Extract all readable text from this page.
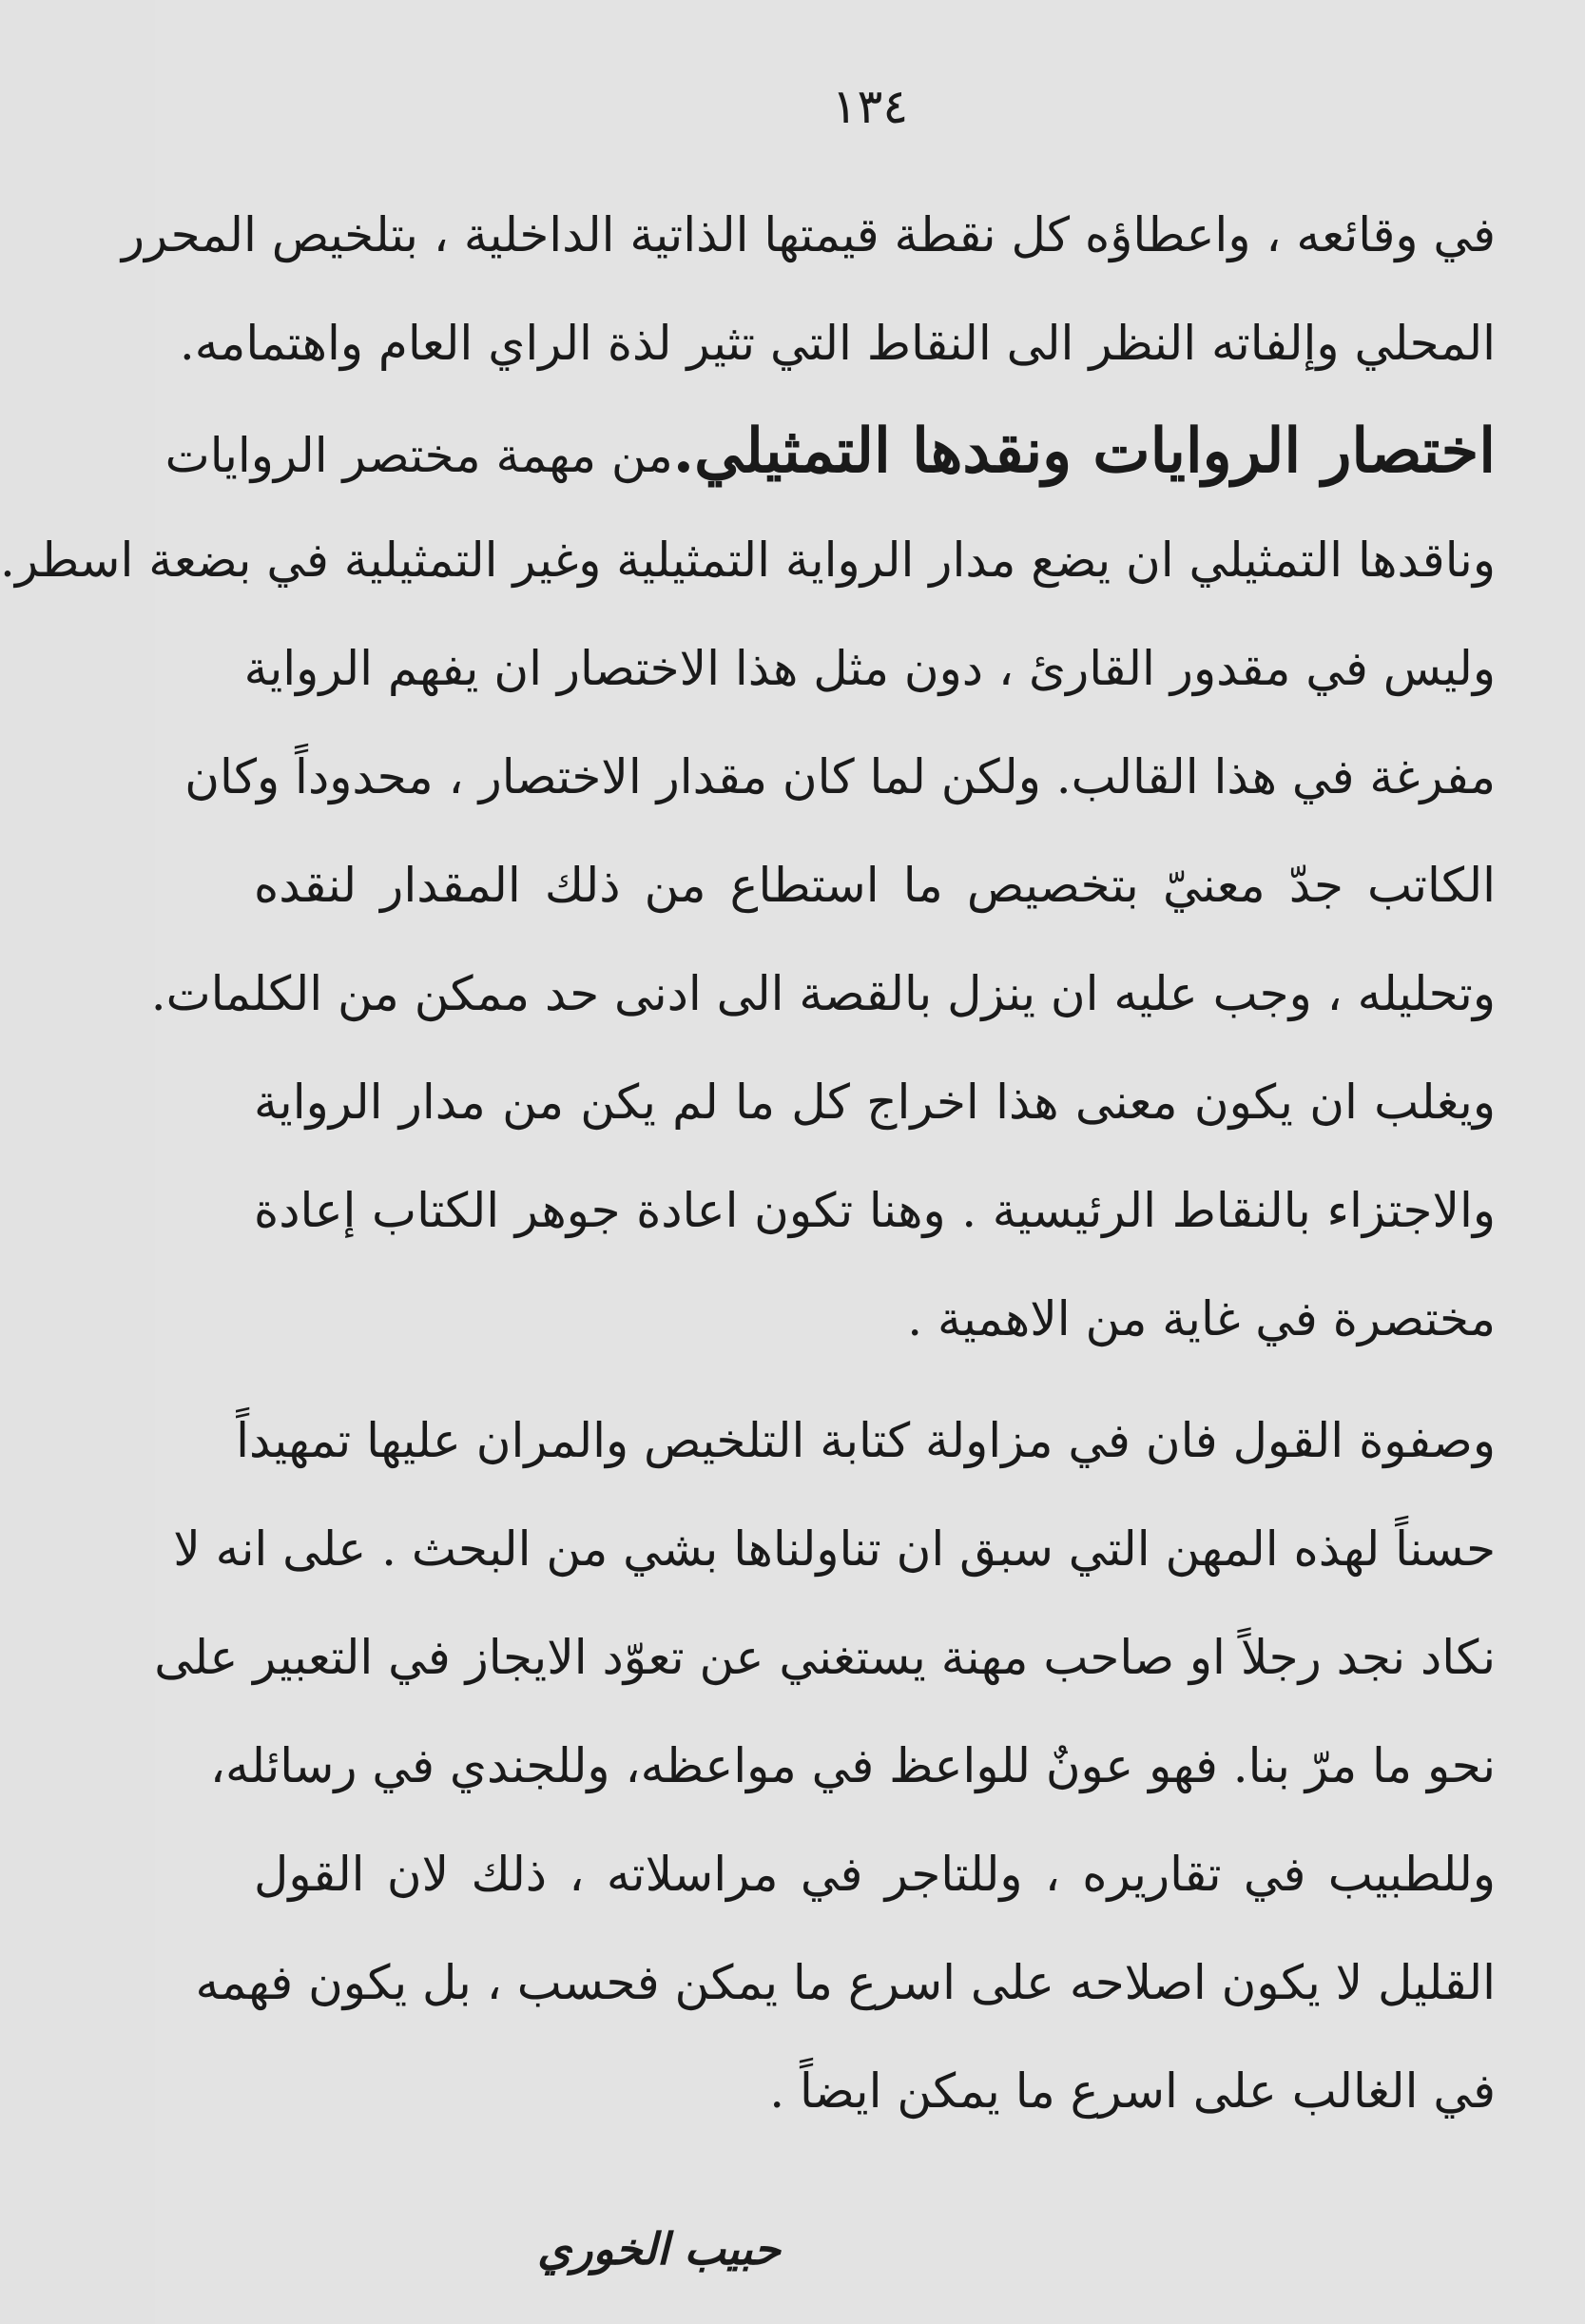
١٣٤
في وقائعه ، واعطاؤه كل نقطة قيمتها الذاتية الداخلية ، بتلخيص المحرر
المحلي وإلفاته النظر الى النقاط التي تثير لذة الراي العام واهتمامه.
اختصار الروايات ونقدها التمثيلي.من مهمة مختصر الروايات
وناقدها التمثيلي ان يضع مدار الرواية التمثيلية وغير التمثيلية في بضعة اسطر.
وليس في مقدور القارئ ، دون مثل هذا الاختصار ان يفهم الرواية
مفرغة في هذا القالب. ولكن لما كان مقدار الاختصار ، محدوداً وكان
الكاتب جدّ معنيّ بتخصيص ما استطاع من ذلك المقدار لنقده
وتحليله ، وجب عليه ان ينزل بالقصة الى ادنى حد ممكن من الكلمات.
ويغلب ان يكون معنى هذا اخراج كل ما لم يكن من مدار الرواية
والاجتزاء بالنقاط الرئيسية . وهنا تكون اعادة جوهر الكتاب إعادة
مختصرة في غاية من الاهمية .
وصفوة القول فان في مزاولة كتابة التلخيص والمران عليها تمهيداً
حسناً لهذه المهن التي سبق ان تناولناها بشي من البحث . على انه لا
نكاد نجد رجلاً او صاحب مهنة يستغني عن تعوّد الايجاز في التعبير على
نحو ما مرّ بنا. فهو عونٌ للواعظ في مواعظه، وللجندي في رسائله،
وللطبيب في تقاريره ، وللتاجر في مراسلاته ، ذلك لان القول
القليل لا يكون اصلاحه على اسرع ما يمكن فحسب ، بل يكون فهمه
في الغالب على اسرع ما يمكن ايضاً .
حبيب الخوري
